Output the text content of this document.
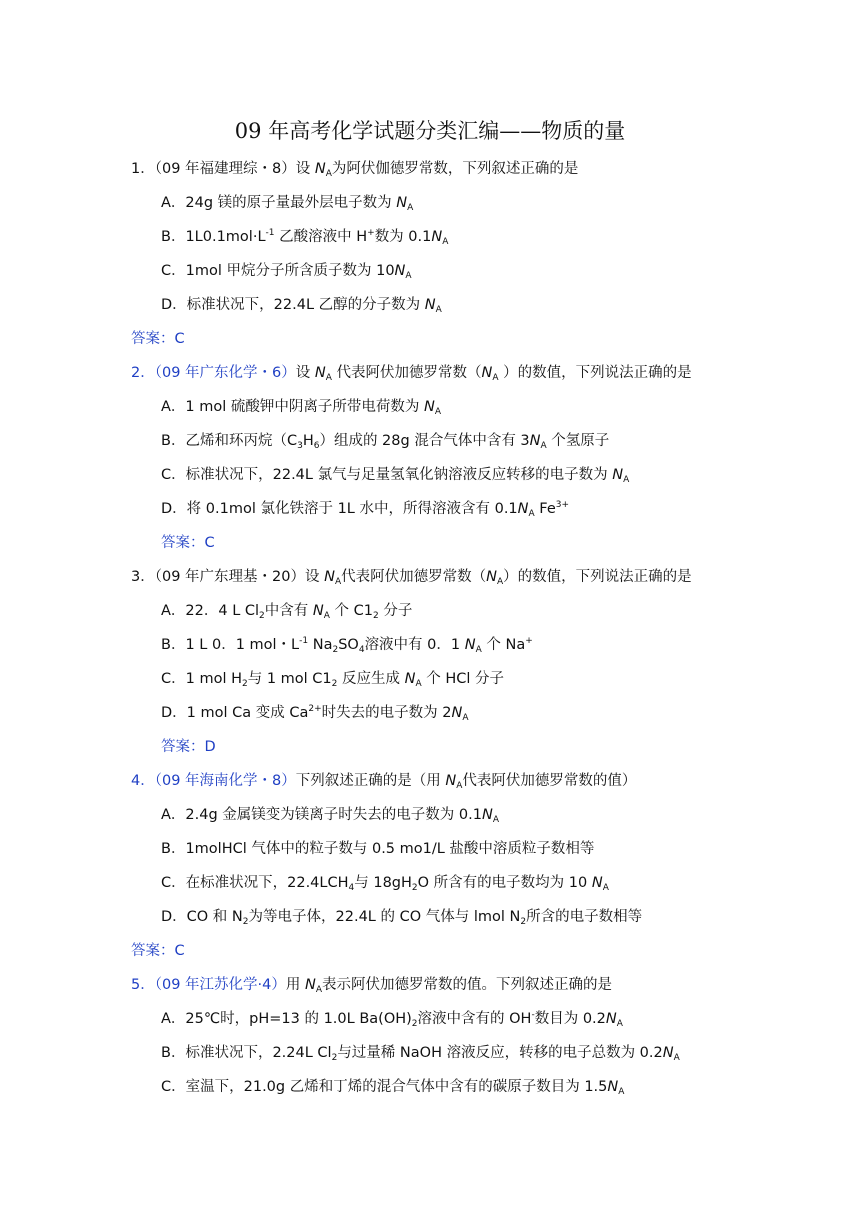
09 年高考化学试题分类汇编——物质的量
1．（09 年福建理综・8）设 $N_A$为阿伏伽德罗常数，下列叙述正确的是
A．24g 镁的原子量最外层电子数为 $N_A$
B．$1L0.1mol\cdot L^{-1}$ 乙酸溶液中 H+数为 $0.1N_A$
C．1mol 甲烷分子所含质子数为 $10N_A$
D．标准状况下，22.4L 乙醇的分子数为 $N_A$
答案：C
2．（09 年广东化学・6）设 $N_A$ 代表阿伏加德罗常数（$N_A$ ）的数值，下列说法正确的是
A．1 mol 硫酸钾中阴离子所带电荷数为 $N_A$
B．乙烯和环丙烷$(C_3H_6)$组成的 28g 混合气体中含有 $3N_A$ 个氢原子
C．标准状况下，22.4L 氯气与足量氢氧化钠溶液反应转移的电子数为 $N_A$
D．将 0.1mol 氯化铁溶于 1L 水中，所得溶液含有 $0.1N_A$ $Fe^{3+}$
答案：C
3．（09 年广东理基・20）设 $N_A$代表阿伏加德罗常数$(N_A)$的数值，下列说法正确的是
A．22．4 L $Cl_2$中含有 $N_A$ 个 $C1_2$ 分子
B．1 L 0．1 mol・$L^{-1}$ $Na_2SO_4$溶液中有 0．1 $N_A$ 个 Na+
C．1 mol $H_2$与 1 mol $C1_2$ 反应生成 $N_A$ 个 HCl 分子
D．1 mol Ca 变成 $Ca^{2+}$时失去的电子数为 $2N_A$
答案：D
4．（09 年海南化学・8）下列叙述正确的是（用 $N_A$代表阿伏加德罗常数的值）
A．2.4g 金属镁变为镁离子时失去的电子数为 $0.1N_A$
B．1molHCl 气体中的粒子数与 0.5 mo1/L 盐酸中溶质粒子数相等
C．在标准状况下，$22.4LCH_4$与 $18gH_2O$ 所含有的电子数均为 10 $N_A$
D．CO 和 $N_2$为等电子体，22.4L 的 CO 气体与 lmol $N_2$所含的电子数相等
答案：C
5．（09 年江苏化学·4）用 $N_A$表示阿伏加德罗常数的值。下列叙述正确的是
A．25℃时，pH=13 的 1.0L $Ba(OH)_2$溶液中含有的 OH-数目为 $0.2N_A$
B．标准状况下，2.24L $Cl_2$与过量稀 NaOH 溶液反应，转移的电子总数为 $0.2N_A$
C．室温下，21.0g 乙烯和丁烯的混合气体中含有的碳原子数目为 $1.5N_A$
